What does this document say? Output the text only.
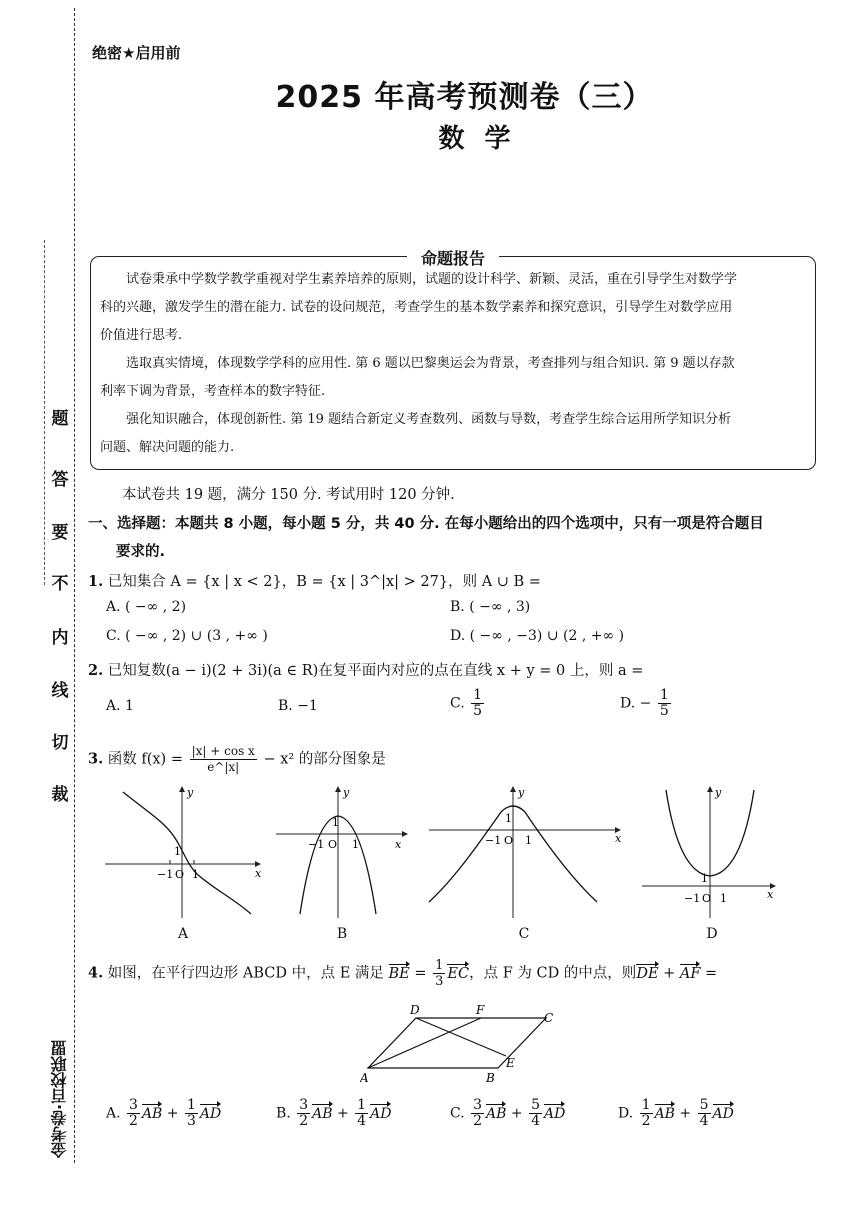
题
答
要
不
内
线
切
裁
金考卷·百校联盟
绝密★启用前
2025 年高考预测卷（三）
数学
命题报告
试卷秉承中学数学教学重视对学生素养培养的原则，试题的设计科学、新颖、灵活，重在引导学生对数学学
科的兴趣，激发学生的潜在能力. 试卷的设问规范，考查学生的基本数学素养和探究意识，引导学生对数学应用
价值进行思考.
选取真实情境，体现数学学科的应用性. 第 6 题以巴黎奥运会为背景，考查排列与组合知识. 第 9 题以存款
利率下调为背景，考查样本的数字特征.
强化知识融合，体现创新性. 第 19 题结合新定义考查数列、函数与导数，考查学生综合运用所学知识分析
问题、解决问题的能力.
本试卷共 19 题，满分 150 分. 考试用时 120 分钟.
一、选择题：本题共 8 小题，每小题 5 分，共 40 分. 在每小题给出的四个选项中，只有一项是符合题目
要求的.
1. 已知集合 A = {x | x < 2}，B = {x | 3^|x| > 27}，则 A ∪ B =
A. ( −∞ , 2)	B. ( −∞ , 3)
C. ( −∞ , 2) ∪ (3 , +∞ )	D. ( −∞ , −3) ∪ (2 , +∞ )
2. 已知复数(a − i)(2 + 3i)(a ∈ R)在复平面内对应的点在直线 x + y = 0 上，则 a =
A. 1	B. −1	C. $\frac{1}{5}$	D. − $\frac{1}{5}$
3. 函数 $f(x) = \frac{\text{|x| + cos x}}{e\^{}|x|} - x^2$ 的部分图象是
y
x
1
−1 O 1
A
y
x
1
−1 O 1
B
y
x
1
−1 O 1
C
y
x
1
−1 O 1
D
4. 如图，在平行四边形 ABCD 中，点 E 满足 BE = $\frac{1}{3}$ EC，点 F 为 CD 的中点，则DE + AF =
A	B
C
D
E
F
A. $\frac{3}{2}$ AB + $\frac{1}{3}$ AD	B. $\frac{3}{2}$ AB + $\frac{1}{4}$ AD	C. $\frac{3}{2}$ AB + $\frac{5}{4}$ AD	D. $\frac{1}{2}$ AB + $\frac{5}{4}$ AD
